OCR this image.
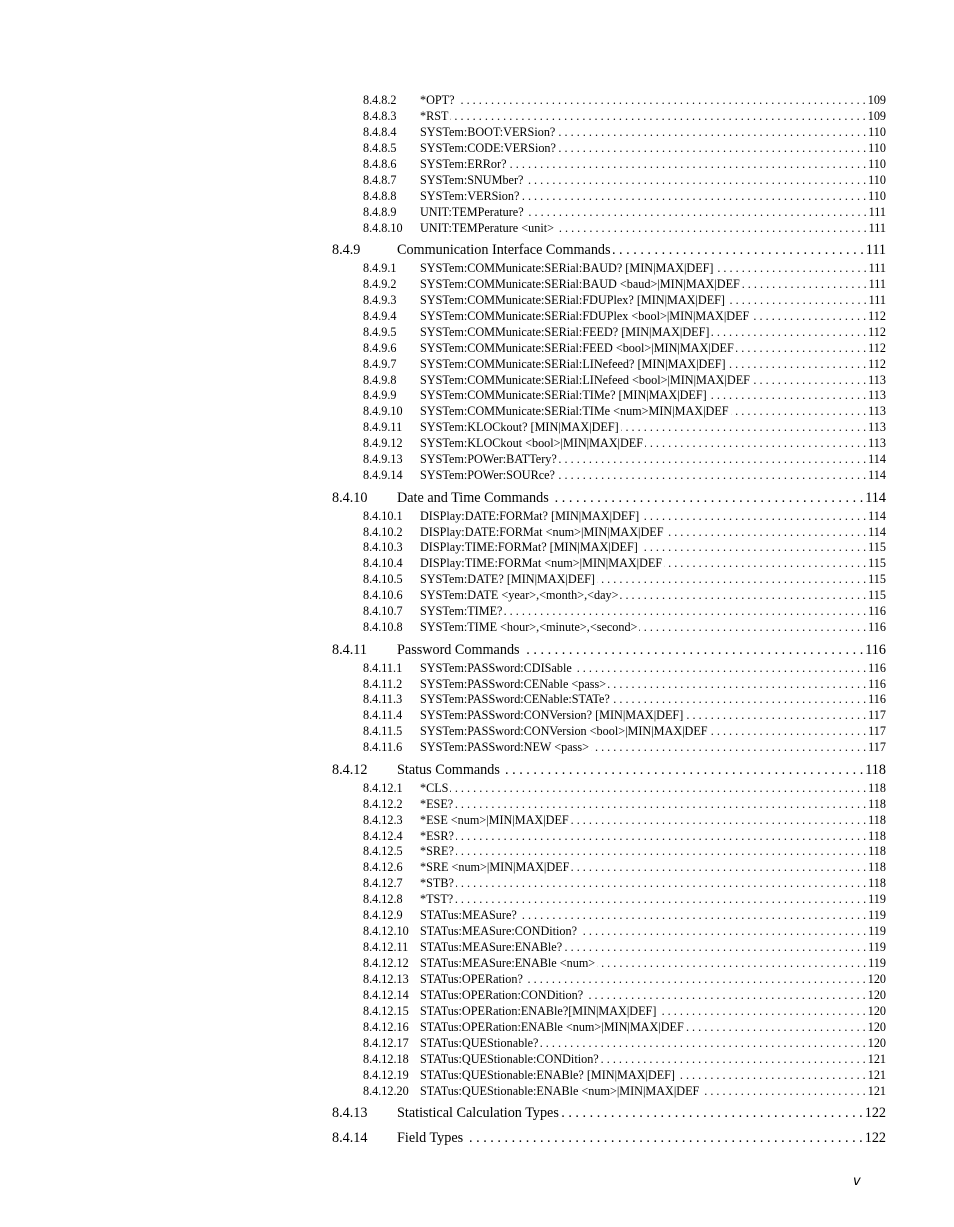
8.4.8.2	*OPT? . . .	109
8.4.8.3	*RST . . .	109
8.4.8.4	SYSTem:BOOT:VERSion? . . .	110
8.4.8.5	SYSTem:CODE:VERSion? . . .	110
8.4.8.6	SYSTem:ERRor? . . .	110
8.4.8.7	SYSTem:SNUMber? . . .	110
8.4.8.8	SYSTem:VERSion? . . .	110
8.4.8.9	UNIT:TEMPerature? . . .	111
8.4.8.10	UNIT:TEMPerature <unit> . . .	111
8.4.9	Communication Interface Commands . . .	111
8.4.9.1	SYSTem:COMMunicate:SERial:BAUD? [MIN|MAX|DEF] . . .	111
8.4.9.2	SYSTem:COMMunicate:SERial:BAUD <baud>|MIN|MAX|DEF . . .	111
8.4.9.3	SYSTem:COMMunicate:SERial:FDUPlex? [MIN|MAX|DEF] . . .	111
8.4.9.4	SYSTem:COMMunicate:SERial:FDUPlex <bool>|MIN|MAX|DEF . . .	112
8.4.9.5	SYSTem:COMMunicate:SERial:FEED? [MIN|MAX|DEF] . . .	112
8.4.9.6	SYSTem:COMMunicate:SERial:FEED <bool>|MIN|MAX|DEF . . .	112
8.4.9.7	SYSTem:COMMunicate:SERial:LINefeed? [MIN|MAX|DEF] . . .	112
8.4.9.8	SYSTem:COMMunicate:SERial:LINefeed <bool>|MIN|MAX|DEF . . .	113
8.4.9.9	SYSTem:COMMunicate:SERial:TIMe? [MIN|MAX|DEF] . . .	113
8.4.9.10	SYSTem:COMMunicate:SERial:TIMe <num>MIN|MAX|DEF . . .	113
8.4.9.11	SYSTem:KLOCkout? [MIN|MAX|DEF] . . .	113
8.4.9.12	SYSTem:KLOCkout <bool>|MIN|MAX|DEF . . .	113
8.4.9.13	SYSTem:POWer:BATTery? . . .	114
8.4.9.14	SYSTem:POWer:SOURce? . . .	114
8.4.10	Date and Time Commands . . .	114
8.4.10.1	DISPlay:DATE:FORMat? [MIN|MAX|DEF] . . .	114
8.4.10.2	DISPlay:DATE:FORMat <num>|MIN|MAX|DEF . . .	114
8.4.10.3	DISPlay:TIME:FORMat? [MIN|MAX|DEF] . . .	115
8.4.10.4	DISPlay:TIME:FORMat <num>|MIN|MAX|DEF . . .	115
8.4.10.5	SYSTem:DATE? [MIN|MAX|DEF] . . .	115
8.4.10.6	SYSTem:DATE <year>,<month>,<day> . . .	115
8.4.10.7	SYSTem:TIME? . . .	116
8.4.10.8	SYSTem:TIME <hour>,<minute>,<second> . . .	116
8.4.11	Password Commands . . .	116
8.4.11.1	SYSTem:PASSword:CDISable . . .	116
8.4.11.2	SYSTem:PASSword:CENable <pass> . . .	116
8.4.11.3	SYSTem:PASSword:CENable:STATe? . . .	116
8.4.11.4	SYSTem:PASSword:CONVersion? [MIN|MAX|DEF] . . .	117
8.4.11.5	SYSTem:PASSword:CONVersion <bool>|MIN|MAX|DEF . . .	117
8.4.11.6	SYSTem:PASSword:NEW <pass> . . .	117
8.4.12	Status Commands . . .	118
8.4.12.1	*CLS . . .	118
8.4.12.2	*ESE? . . .	118
8.4.12.3	*ESE <num>|MIN|MAX|DEF . . .	118
8.4.12.4	*ESR? . . .	118
8.4.12.5	*SRE? . . .	118
8.4.12.6	*SRE <num>|MIN|MAX|DEF . . .	118
8.4.12.7	*STB? . . .	118
8.4.12.8	*TST? . . .	119
8.4.12.9	STATus:MEASure? . . .	119
8.4.12.10 STATus:MEASure:CONDition? . . .	119
8.4.12.11 STATus:MEASure:ENABle? . . .	119
8.4.12.12 STATus:MEASure:ENABle <num> . . .	119
8.4.12.13 STATus:OPERation? . . .	120
8.4.12.14 STATus:OPERation:CONDition? . . .	120
8.4.12.15 STATus:OPERation:ENABle?[MIN|MAX|DEF] . . .	120
8.4.12.16 STATus:OPERation:ENABle <num>|MIN|MAX|DEF . . .	120
8.4.12.17 STATus:QUEStionable? . . .	120
8.4.12.18 STATus:QUEStionable:CONDition? . . .	121
8.4.12.19 STATus:QUEStionable:ENABle? [MIN|MAX|DEF] . . .	121
8.4.12.20 STATus:QUEStionable:ENABle <num>|MIN|MAX|DEF . . .	121
8.4.13	Statistical Calculation Types . . .	122
8.4.14	Field Types . . .	122
v
